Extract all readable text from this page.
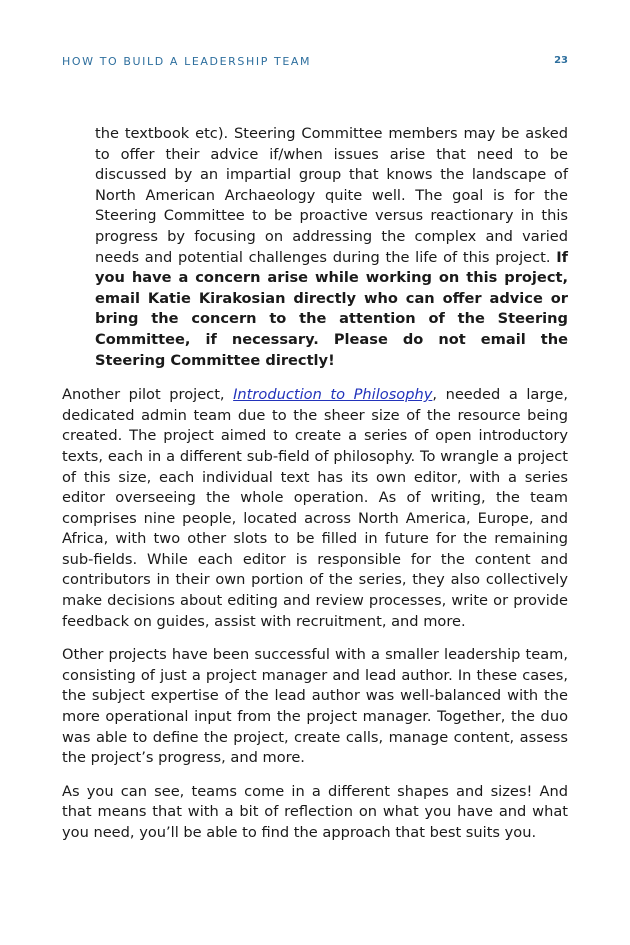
HOW TO BUILD A LEADERSHIP TEAM	23

the textbook etc). Steering Committee members may be asked to offer their advice if/when issues arise that need to be discussed by an impartial group that knows the landscape of North American Archaeology quite well. The goal is for the Steering Committee to be proactive versus reactionary in this progress by focusing on addressing the complex and varied needs and potential challenges during the life of this project. If you have a concern arise while working on this project, email Katie Kirakosian directly who can offer advice or bring the concern to the attention of the Steering Committee, if necessary. Please do not email the Steering Committee directly!

Another pilot project, Introduction to Philosophy, needed a large, dedicated admin team due to the sheer size of the resource being created. The project aimed to create a series of open introductory texts, each in a different sub-field of philosophy. To wrangle a project of this size, each individual text has its own editor, with a series editor overseeing the whole operation. As of writing, the team comprises nine people, located across North America, Europe, and Africa, with two other slots to be filled in future for the remaining sub-fields. While each editor is responsible for the content and contributors in their own portion of the series, they also collectively make decisions about editing and review processes, write or provide feedback on guides, assist with recruitment, and more.

Other projects have been successful with a smaller leadership team, consisting of just a project manager and lead author. In these cases, the subject expertise of the lead author was well-balanced with the more operational input from the project manager. Together, the duo was able to define the project, create calls, manage content, assess the project’s progress, and more.

As you can see, teams come in a different shapes and sizes! And that means that with a bit of reflection on what you have and what you need, you’ll be able to find the approach that best suits you.
